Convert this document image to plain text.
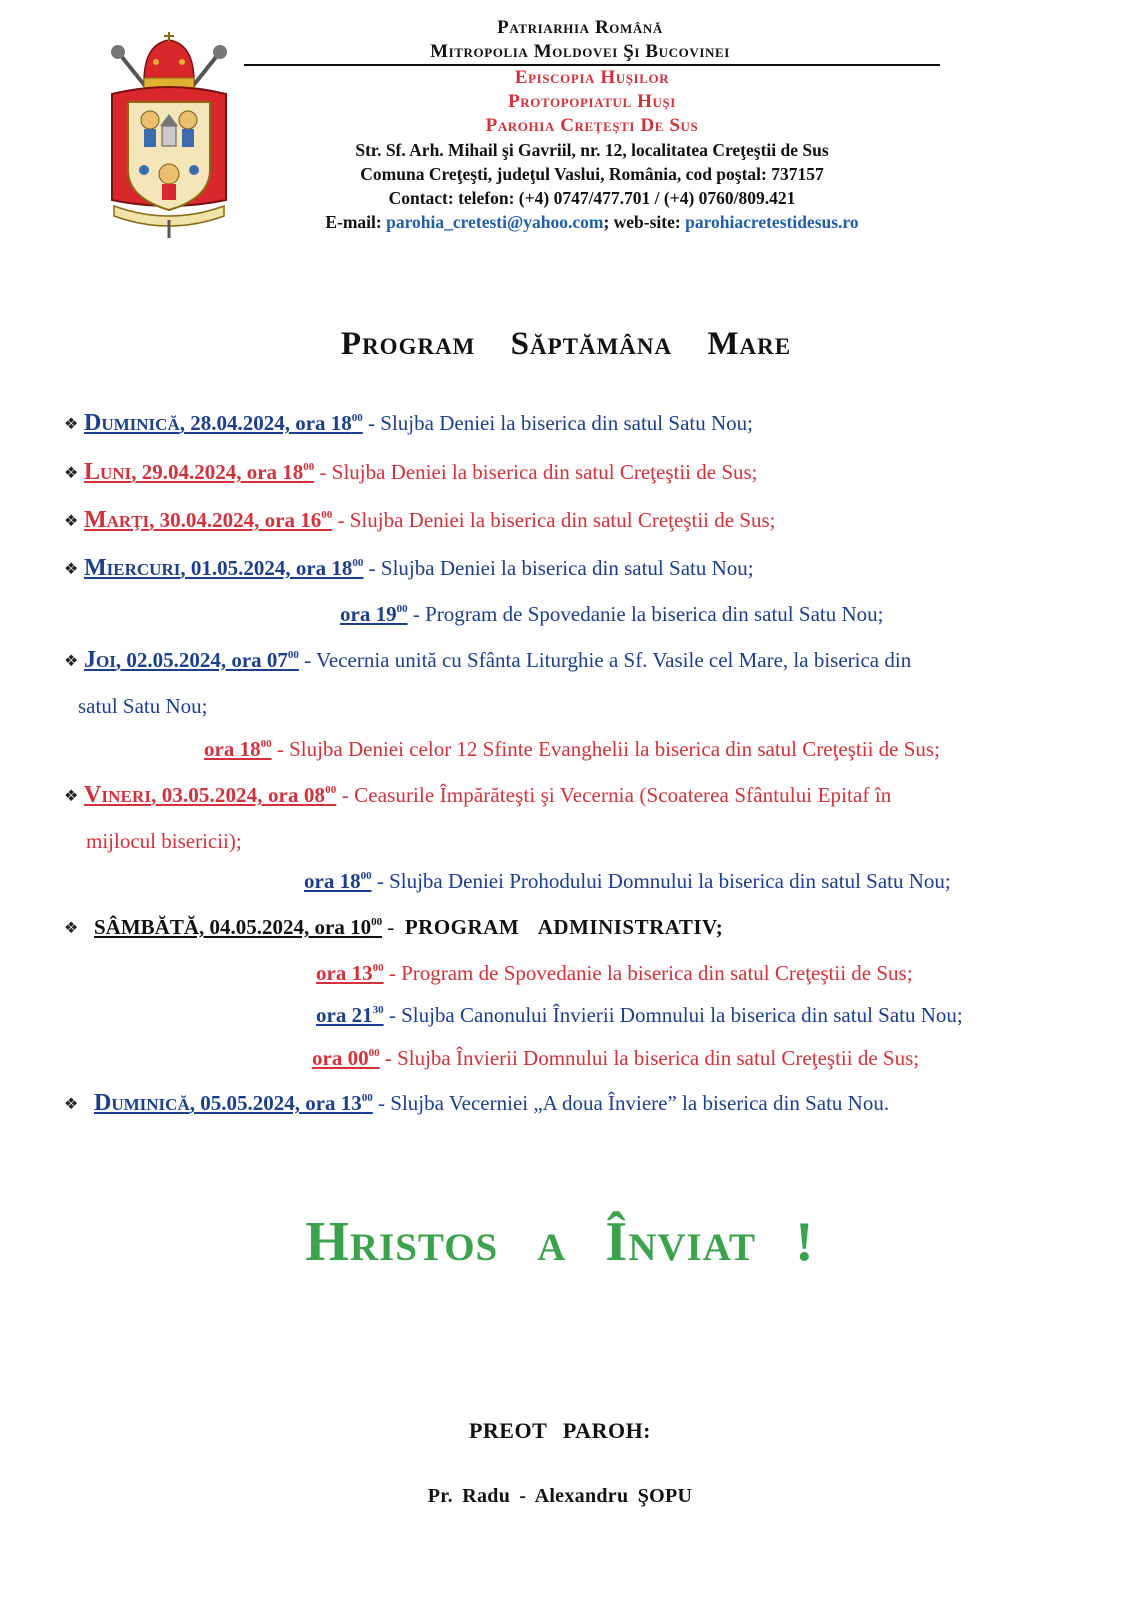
Patriarhia Română
Mitropolia Moldovei Şi Bucovinei
Episcopia Huşilor
Protopopiatul Huşi
Parohia Creţeşti De Sus
Str. Sf. Arh. Mihail şi Gavriil, nr. 12, localitatea Creţeştii de Sus
Comuna Creţeşti, judeţul Vaslui, România, cod poştal: 737157
Contact: telefon: (+4) 0747/477.701 / (+4) 0760/809.421
E-mail: parohia_cretesti@yahoo.com; web-site: parohiacretestidesus.ro
Program Săptămâna Mare
❖ Duminică, 28.04.2024, ora $18^{00}$ - Slujba Deniei la biserica din satul Satu Nou;
❖ Luni, 29.04.2024, ora $18^{00}$ - Slujba Deniei la biserica din satul Creţeştii de Sus;
❖ Marţi, 30.04.2024, ora $16^{00}$ - Slujba Deniei la biserica din satul Creţeştii de Sus;
❖ Miercuri, 01.05.2024, ora $18^{00}$ - Slujba Deniei la biserica din satul Satu Nou;
ora $19^{00}$ - Program de Spovedanie la biserica din satul Satu Nou;
❖ Joi, 02.05.2024, ora $07^{00}$ - Vecernia unită cu Sfânta Liturghie a Sf. Vasile cel Mare, la biserica din
satul Satu Nou;
ora $18^{00}$ - Slujba Deniei celor 12 Sfinte Evanghelii la biserica din satul Creţeştii de Sus;
❖ Vineri, 03.05.2024, ora $08^{00}$ - Ceasurile Împărăteşti şi Vecernia (Scoaterea Sfântului Epitaf în
mijlocul bisericii);
ora $18^{00}$ - Slujba Deniei Prohodului Domnului la biserica din satul Satu Nou;
❖ SÂMBĂTĂ, 04.05.2024, ora $10^{00}$ -  PROGRAM ADMINISTRATIV;
ora $13^{00}$ - Program de Spovedanie la biserica din satul Creţeştii de Sus;
ora $21^{30}$ - Slujba Canonului Învierii Domnului la biserica din satul Satu Nou;
ora $00^{00}$ - Slujba Învierii Domnului la biserica din satul Creţeştii de Sus;
❖ Duminică, 05.05.2024, ora $13^{00}$ - Slujba Vecerniei „A doua Înviere” la biserica din Satu Nou.
Hristos a Înviat !
PREOT PAROH:
Pr. Radu - Alexandru ŞOPU
